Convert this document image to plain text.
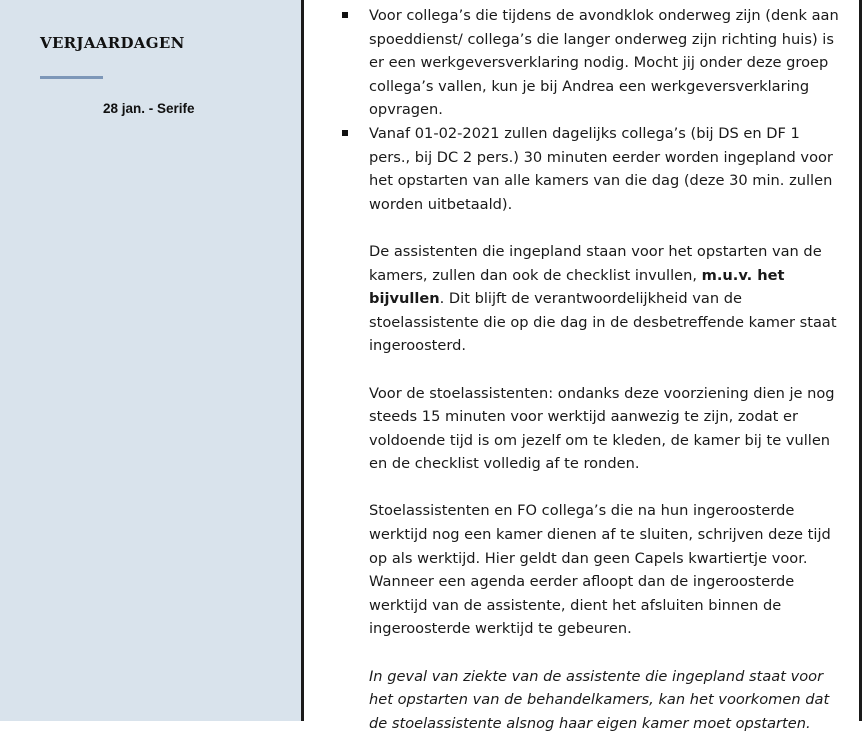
VERJAARDAGEN
28 jan. - Serife

Voor collega’s die tijdens de avondklok onderweg zijn (denk aan spoeddienst/ collega’s die langer onderweg zijn richting huis) is er een werkgeversverklaring nodig. Mocht jij onder deze groep collega’s vallen, kun je bij Andrea een werkgeversverklaring opvragen.

Vanaf 01-02-2021 zullen dagelijks collega’s (bij DS en DF 1 pers., bij DC 2 pers.) 30 minuten eerder worden ingepland voor het opstarten van alle kamers van die dag (deze 30 min. zullen worden uitbetaald).

De assistenten die ingepland staan voor het opstarten van de kamers, zullen dan ook de checklist invullen, m.u.v. het bijvullen. Dit blijft de verantwoordelijkheid van de stoelassistente die op die dag in de desbetreffende kamer staat ingeroosterd.

Voor de stoelassistenten: ondanks deze voorziening dien je nog steeds 15 minuten voor werktijd aanwezig te zijn, zodat er voldoende tijd is om jezelf om te kleden, de kamer bij te vullen en de checklist volledig af te ronden.

Stoelassistenten en FO collega’s die na hun ingeroosterde werktijd nog een kamer dienen af te sluiten, schrijven deze tijd op als werktijd. Hier geldt dan geen Capels kwartiertje voor. Wanneer een agenda eerder afloopt dan de ingeroosterde werktijd van de assistente, dient het afsluiten binnen de ingeroosterde werktijd te gebeuren.

In geval van ziekte van de assistente die ingepland staat voor het opstarten van de behandelkamers, kan het voorkomen dat de stoelassistente alsnog haar eigen kamer moet opstarten.
